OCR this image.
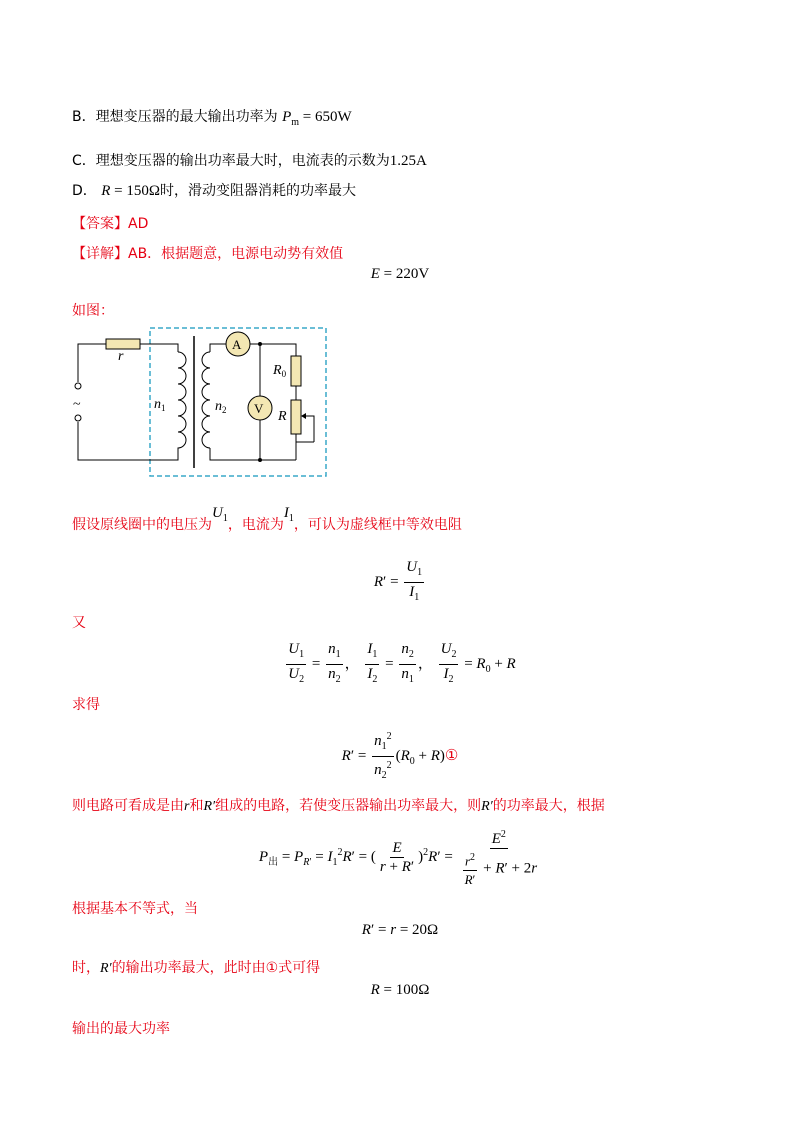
B．理想变压器的最大输出功率为 $P_m = 650W$
C．理想变压器的输出功率最大时，电流表的示数为1.25A
D． R = 150Ω时，滑动变阻器消耗的功率最大
【答案】AD
【详解】AB．根据题意，电源电动势有效值
E = 220V
如图：
~
r
$n_1$	$n_2$
A
V
$R_0$
R
假设原线圈中的电压为$U_1$，电流为$I_1$，可认为虚线框中等效电阻
$R' = \frac{U_1}{I_1}$
又
$\frac{U_1}{U_2} = \frac{n_1}{n_2}$ ， $\frac{I_1}{I_2} = \frac{n_2}{n_1}$ ， $\frac{U_2}{I_2} = R_0 + R$
求得
$R' = \frac{n_1^2}{n_2^2} (R_0$ + R)①
则电路可看成是由r和R′组成的电路，若使变压器输出功率最大，则R′的功率最大，根据
$P_出 = P_{R'} = I_1^2R'$ = ( $\frac{E}{r + R'} )^2R' = \frac{E^2}{\frac{r^2}{R'} + R' + 2r}$
根据基本不等式，当
R′ = r = 20Ω
时，R′的输出功率最大，此时由①式可得
R = 100Ω
输出的最大功率
